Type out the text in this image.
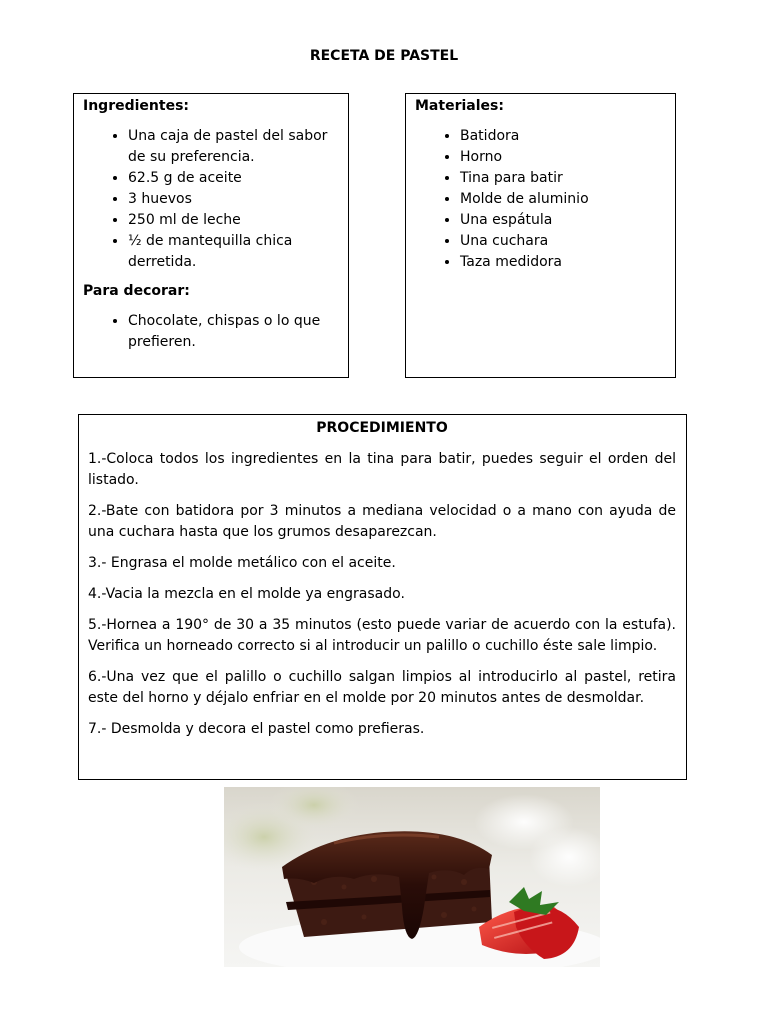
RECETA DE PASTEL

Ingredientes:

• Una caja de pastel del sabor de su preferencia.
• 62.5 g de aceite
• 3 huevos
• 250 ml de leche
• ½ de mantequilla chica derretida.

Para decorar:

• Chocolate, chispas o lo que prefieren.

Materiales:

• Batidora
• Horno
• Tina para batir
• Molde de aluminio
• Una espátula
• Una cuchara
• Taza medidora

PROCEDIMIENTO

1.-Coloca todos los ingredientes en la tina para batir, puedes seguir el orden del listado.

2.-Bate con batidora por 3 minutos a mediana velocidad o a mano con ayuda de una cuchara hasta que los grumos desaparezcan.

3.- Engrasa el molde metálico con el aceite.

4.-Vacia la mezcla en el molde ya engrasado.

5.-Hornea a 190° de 30 a 35 minutos (esto puede variar de acuerdo con la estufa). Verifica un horneado correcto si al introducir un palillo o cuchillo éste sale limpio.

6.-Una vez que el palillo o cuchillo salgan limpios al introducirlo al pastel, retira este del horno y déjalo enfriar en el molde por 20 minutos antes de desmoldar.

7.- Desmolda y decora el pastel como prefieras.
